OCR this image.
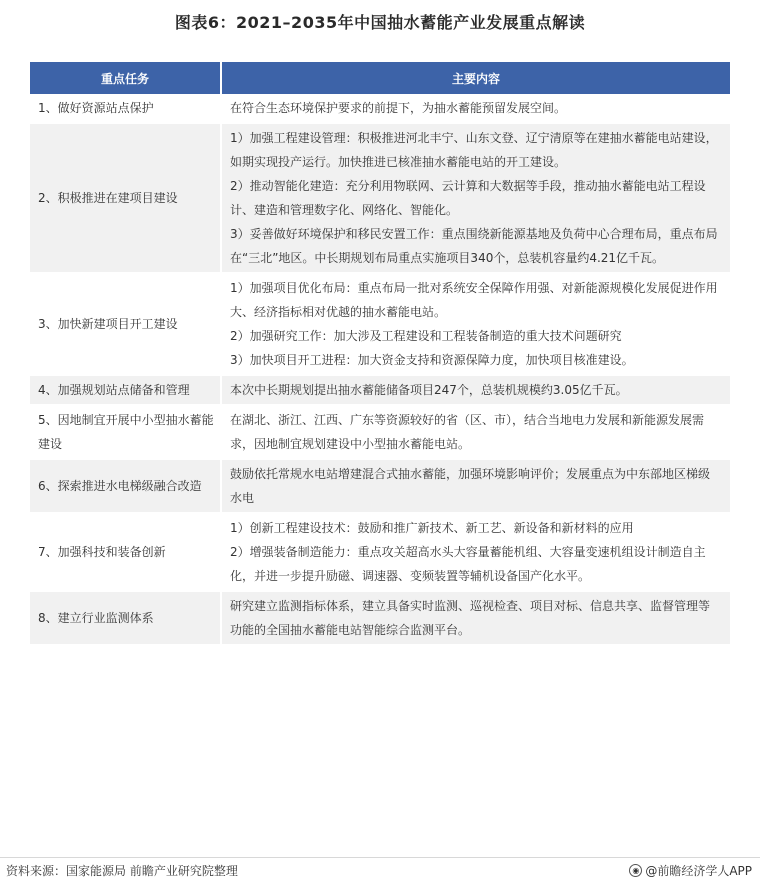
图表6：2021–2035年中国抽水蓄能产业发展重点解读
重点任务	主要内容
1、做好资源站点保护	在符合生态环境保护要求的前提下，为抽水蓄能预留发展空间。

2、积极推进在建项目建设	1）加强工程建设管理：积极推进河北丰宁、山东文登、辽宁清原等在建抽水蓄能电站建设，如期实现投产运行。加快推进已核准抽水蓄能电站的开工建设。
2）推动智能化建造：充分利用物联网、云计算和大数据等手段，推动抽水蓄能电站工程设计、建造和管理数字化、网络化、智能化。
3）妥善做好环境保护和移民安置工作：重点围绕新能源基地及负荷中心合理布局，重点布局在“三北”地区。中长期规划布局重点实施项目340个，总装机容量约4.21亿千瓦。

3、加快新建项目开工建设	1）加强项目优化布局：重点布局一批对系统安全保障作用强、对新能源规模化发展促进作用大、经济指标相对优越的抽水蓄能电站。
2）加强研究工作：加大涉及工程建设和工程装备制造的重大技术问题研究
3）加快项目开工进程：加大资金支持和资源保障力度，加快项目核准建设。

4、加强规划站点储备和管理	本次中长期规划提出抽水蓄能储备项目247个，总装机规模约3.05亿千瓦。

5、因地制宜开展中小型抽水蓄能建设	在湖北、浙江、江西、广东等资源较好的省（区、市），结合当地电力发展和新能源发展需求，因地制宜规划建设中小型抽水蓄能电站。

6、探索推进水电梯级融合改造	鼓励依托常规水电站增建混合式抽水蓄能，加强环境影响评价；发展重点为中东部地区梯级水电

7、加强科技和装备创新	1）创新工程建设技术：鼓励和推广新技术、新工艺、新设备和新材料的应用
2）增强装备制造能力：重点攻关超高水头大容量蓄能机组、大容量变速机组设计制造自主化，并进一步提升励磁、调速器、变频装置等辅机设备国产化水平。

8、建立行业监测体系	研究建立监测指标体系，建立具备实时监测、巡视检查、项目对标、信息共享、监督管理等功能的全国抽水蓄能电站智能综合监测平台。
资料来源：国家能源局 前瞻产业研究院整理	◉ @前瞻经济学人APP
